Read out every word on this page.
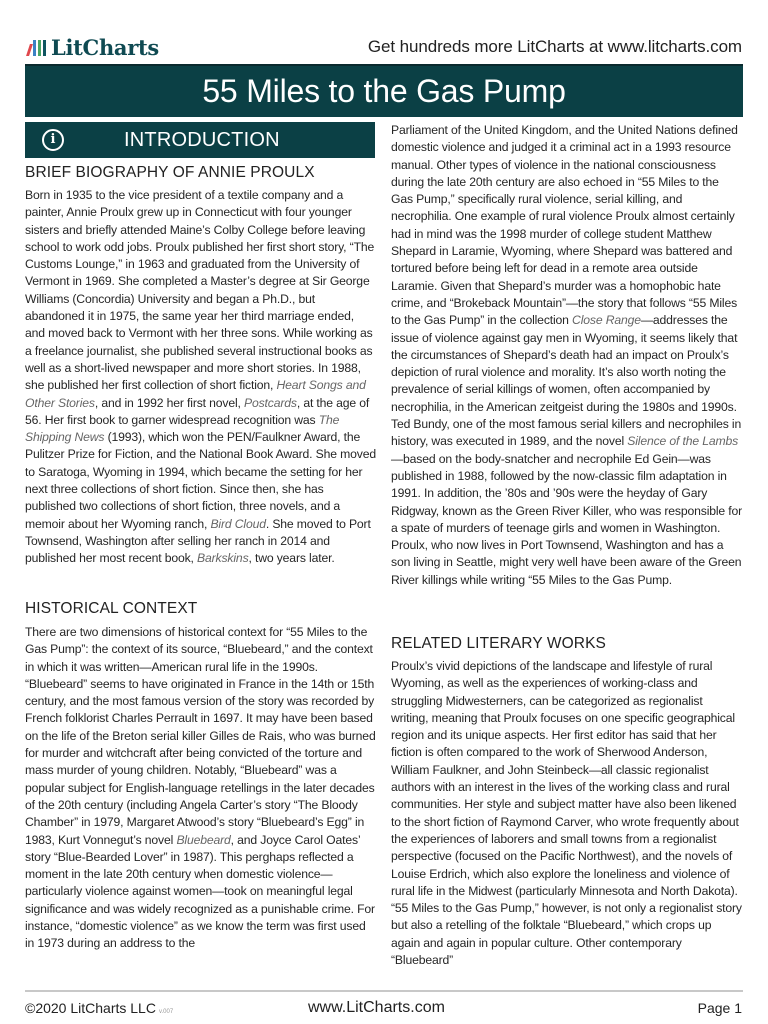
LitCharts	Get hundreds more LitCharts at www.litcharts.com
55 Miles to the Gas Pump
i	INTRODUCTION
BRIEF BIOGRAPHY OF ANNIE PROULX

Born in 1935 to the vice president of a textile company and a painter, Annie Proulx grew up in Connecticut with four younger sisters and briefly attended Maine’s Colby College before leaving school to work odd jobs. Proulx published her first short story, “The Customs Lounge,” in 1963 and graduated from the University of Vermont in 1969. She completed a Master’s degree at Sir George Williams (Concordia) University and began a Ph.D., but abandoned it in 1975, the same year her third marriage ended, and moved back to Vermont with her three sons. While working as a freelance journalist, she published several instructional books as well as a short-lived newspaper and more short stories. In 1988, she published her first collection of short fiction, Heart Songs and Other Stories, and in 1992 her first novel, Postcards, at the age of 56. Her first book to garner widespread recognition was The Shipping News (1993), which won the PEN/Faulkner Award, the Pulitzer Prize for Fiction, and the National Book Award. She moved to Saratoga, Wyoming in 1994, which became the setting for her next three collections of short fiction. Since then, she has published two collections of short fiction, three novels, and a memoir about her Wyoming ranch, Bird Cloud. She moved to Port Townsend, Washington after selling her ranch in 2014 and published her most recent book, Barkskins, two years later.

HISTORICAL CONTEXT

There are two dimensions of historical context for “55 Miles to the Gas Pump”: the context of its source, “Bluebeard,” and the context in which it was written—American rural life in the 1990s. “Bluebeard” seems to have originated in France in the 14th or 15th century, and the most famous version of the story was recorded by French folklorist Charles Perrault in 1697. It may have been based on the life of the Breton serial killer Gilles de Rais, who was burned for murder and witchcraft after being convicted of the torture and mass murder of young children. Notably, “Bluebeard” was a popular subject for English-language retellings in the later decades of the 20th century (including Angela Carter’s story “The Bloody Chamber” in 1979, Margaret Atwood’s story “Bluebeard’s Egg” in 1983, Kurt Vonnegut’s novel Bluebeard, and Joyce Carol Oates’ story “Blue-Bearded Lover” in 1987). This perghaps reflected a moment in the late 20th century when domestic violence—particularly violence against women—took on meaningful legal significance and was widely recognized as a punishable crime. For instance, “domestic violence” as we know the term was first used in 1973 during an address to the

Parliament of the United Kingdom, and the United Nations defined domestic violence and judged it a criminal act in a 1993 resource manual. Other types of violence in the national consciousness during the late 20th century are also echoed in “55 Miles to the Gas Pump,” specifically rural violence, serial killing, and necrophilia. One example of rural violence Proulx almost certainly had in mind was the 1998 murder of college student Matthew Shepard in Laramie, Wyoming, where Shepard was battered and tortured before being left for dead in a remote area outside Laramie. Given that Shepard’s murder was a homophobic hate crime, and “Brokeback Mountain”—the story that follows “55 Miles to the Gas Pump” in the collection Close Range—addresses the issue of violence against gay men in Wyoming, it seems likely that the circumstances of Shepard’s death had an impact on Proulx’s depiction of rural violence and morality. It’s also worth noting the prevalence of serial killings of women, often accompanied by necrophilia, in the American zeitgeist during the 1980s and 1990s. Ted Bundy, one of the most famous serial killers and necrophiles in history, was executed in 1989, and the novel Silence of the Lambs—based on the body-snatcher and necrophile Ed Gein—was published in 1988, followed by the now-classic film adaptation in 1991. In addition, the ’80s and ’90s were the heyday of Gary Ridgway, known as the Green River Killer, who was responsible for a spate of murders of teenage girls and women in Washington. Proulx, who now lives in Port Townsend, Washington and has a son living in Seattle, might very well have been aware of the Green River killings while writing “55 Miles to the Gas Pump.

RELATED LITERARY WORKS

Proulx’s vivid depictions of the landscape and lifestyle of rural Wyoming, as well as the experiences of working-class and struggling Midwesterners, can be categorized as regionalist writing, meaning that Proulx focuses on one specific geographical region and its unique aspects. Her first editor has said that her fiction is often compared to the work of Sherwood Anderson, William Faulkner, and John Steinbeck—all classic regionalist authors with an interest in the lives of the working class and rural communities. Her style and subject matter have also been likened to the short fiction of Raymond Carver, who wrote frequently about the experiences of laborers and small towns from a regionalist perspective (focused on the Pacific Northwest), and the novels of Louise Erdrich, which also explore the loneliness and violence of rural life in the Midwest (particularly Minnesota and North Dakota). “55 Miles to the Gas Pump,” however, is not only a regionalist story but also a retelling of the folktale “Bluebeard,” which crops up again and again in popular culture. Other contemporary “Bluebeard”

©2020 LitCharts LLC v.007	www.LitCharts.com	Page 1
